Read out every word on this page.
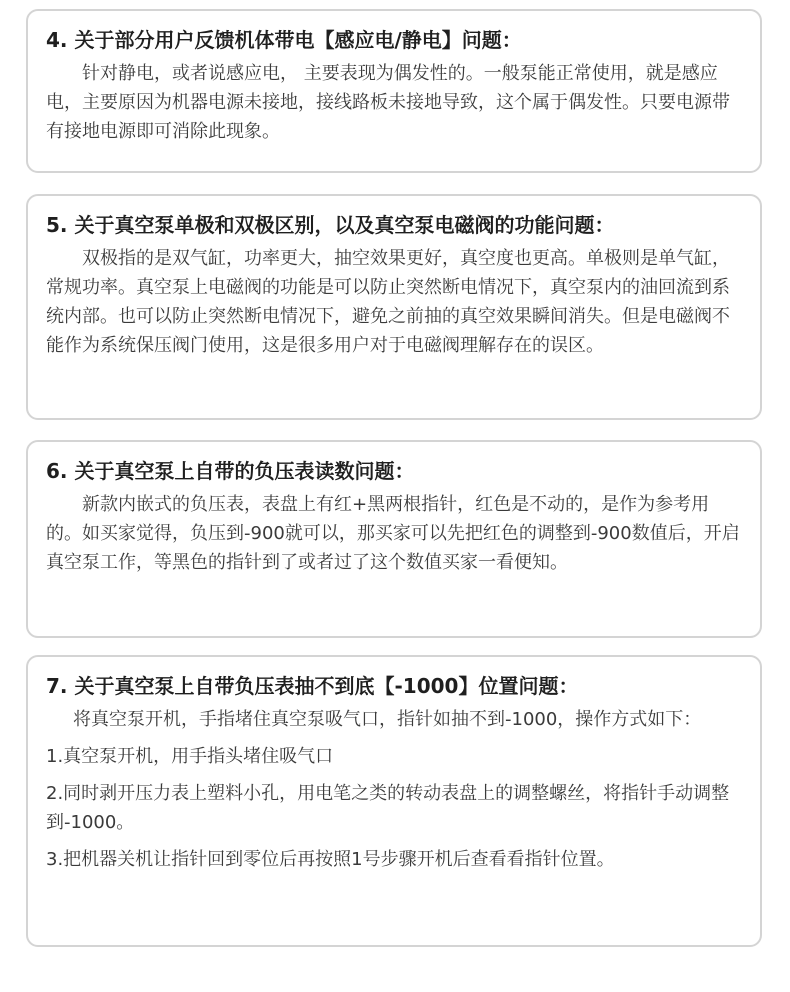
4. 关于部分用户反馈机体带电【感应电/静电】问题：

针对静电，或者说感应电， 主要表现为偶发性的。一般泵能正常使用，就是感应电，主要原因为机器电源未接地，接线路板未接地导致，这个属于偶发性。只要电源带有接地电源即可消除此现象。

5. 关于真空泵单极和双极区别，以及真空泵电磁阀的功能问题：

双极指的是双气缸，功率更大，抽空效果更好，真空度也更高。单极则是单气缸，常规功率。真空泵上电磁阀的功能是可以防止突然断电情况下，真空泵内的油回流到系统内部。也可以防止突然断电情况下，避免之前抽的真空效果瞬间消失。但是电磁阀不能作为系统保压阀门使用，这是很多用户对于电磁阀理解存在的误区。

6. 关于真空泵上自带的负压表读数问题：

新款内嵌式的负压表，表盘上有红+黑两根指针，红色是不动的，是作为参考用的。如买家觉得，负压到-900就可以，那买家可以先把红色的调整到-900数值后，开启真空泵工作，等黑色的指针到了或者过了这个数值买家一看便知。

7. 关于真空泵上自带负压表抽不到底【-1000】位置问题：

将真空泵开机，手指堵住真空泵吸气口，指针如抽不到-1000，操作方式如下：

1.真空泵开机，用手指头堵住吸气口

2.同时剥开压力表上塑料小孔，用电笔之类的转动表盘上的调整螺丝，将指针手动调整到-1000。

3.把机器关机让指针回到零位后再按照1号步骤开机后查看看指针位置。
